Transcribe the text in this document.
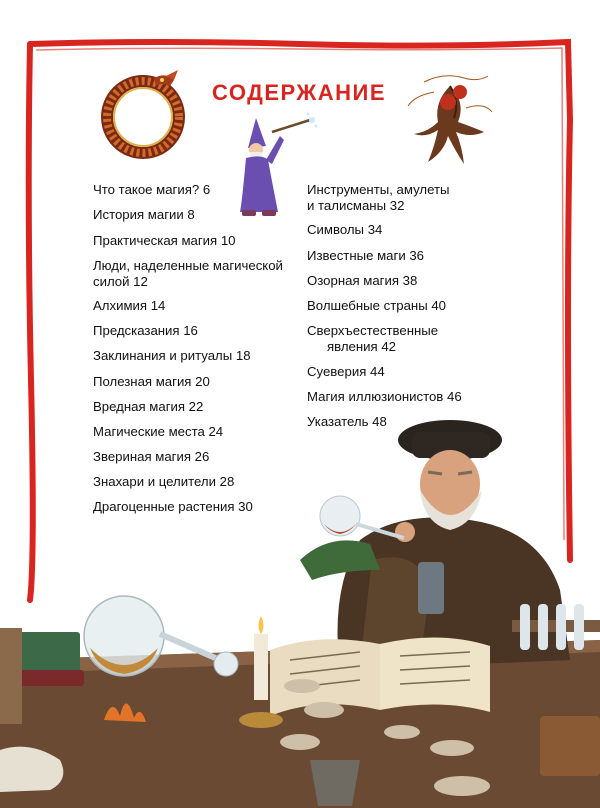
СОДЕРЖАНИЕ
Что такое магия? 6
История магии 8
Практическая магия 10
Люди, наделенные магической
силой 12
Алхимия 14
Предсказания 16
Заклинания и ритуалы 18
Полезная магия 20
Вредная магия 22
Магические места 24
Звериная магия 26
Знахари и целители 28
Драгоценные растения 30
Инструменты, амулеты
и талисманы 32
Символы 34
Известные маги 36
Озорная магия 38
Волшебные страны 40
Сверхъестественные
явления 42
Суеверия 44
Магия иллюзионистов 46
Указатель 48
